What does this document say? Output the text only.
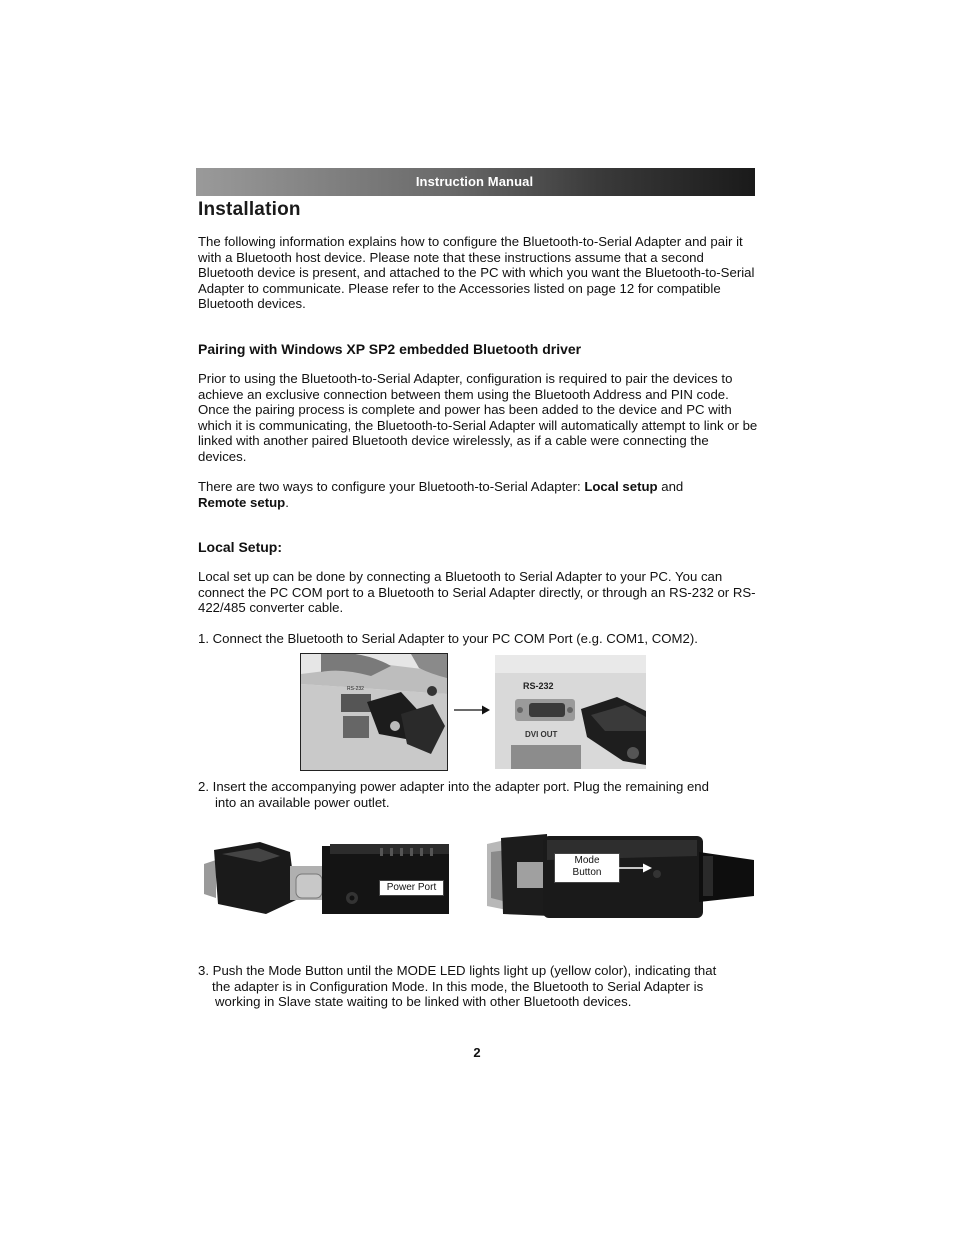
Instruction Manual
Installation

The following information explains how to configure the Bluetooth-to-Serial Adapter and pair it with a Bluetooth host device. Please note that these instructions assume that a second Bluetooth device is present, and attached to the PC with which you want the Bluetooth-to-Serial Adapter to communicate. Please refer to the Accessories listed on page 12 for compatible Bluetooth devices.

Pairing with Windows XP SP2 embedded Bluetooth driver

Prior to using the Bluetooth-to-Serial Adapter, configuration is required to pair the devices to achieve an exclusive connection between them using the Bluetooth Address and PIN code. Once the pairing process is complete and power has been added to the device and PC with which it is communicating, the Bluetooth-to-Serial Adapter will automatically attempt to link or be linked with another paired Bluetooth device wirelessly, as if a cable were connecting the devices.

There are two ways to configure your Bluetooth-to-Serial Adapter: Local setup and
Remote setup.

Local Setup:

Local set up can be done by connecting a Bluetooth to Serial Adapter to your PC. You can connect the PC COM port to a Bluetooth to Serial Adapter directly, or through an RS-232 or RS-422/485 converter cable.

1. Connect the Bluetooth to Serial Adapter to your PC COM Port (e.g. COM1, COM2).

RS-232	RS-232
DVI OUT

2. Insert the accompanying power adapter into the adapter port. Plug the remaining end
into an available power outlet.

Power Port
Mode
Button

3. Push the Mode Button until the MODE LED lights light up (yellow color), indicating that
the adapter is in Configuration Mode. In this mode, the Bluetooth to Serial Adapter is
working in Slave state waiting to be linked with other Bluetooth devices.

2
